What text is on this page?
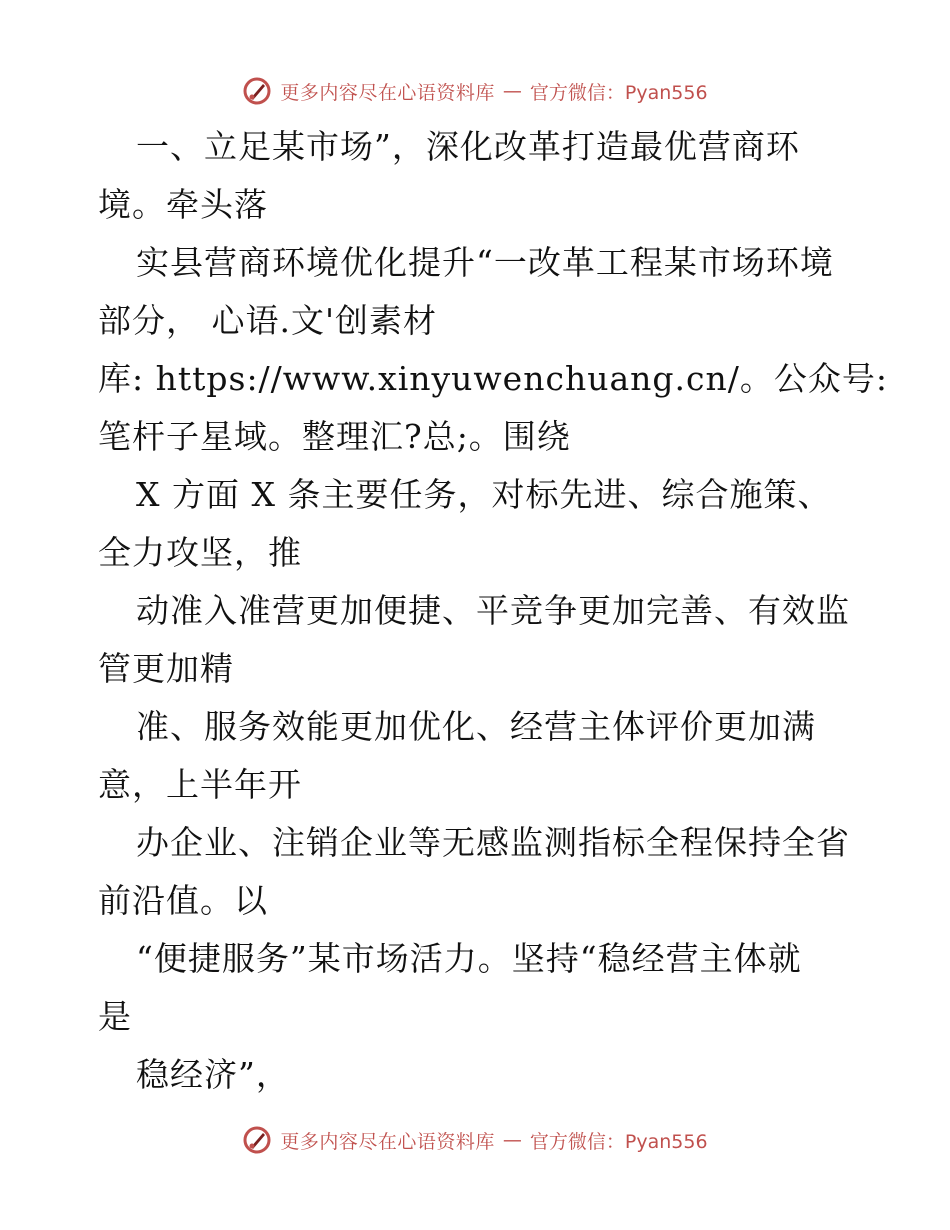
更多内容尽在心语资料库 — 官方微信：Pyan556
一、立足某市场”，深化改革打造最优营商环
境。牵头落
实县营商环境优化提升“一改革工程某市场环境
部分， 心语.文'创素材
库: https://www.xinyuwenchuang.cn/。公众号:
笔杆子星域。整理汇?总;。围绕
X 方面 X 条主要任务，对标先进、综合施策、
全力攻坚，推
动准入准营更加便捷、平竞争更加完善、有效监
管更加精
准、服务效能更加优化、经营主体评价更加满
意，上半年开
办企业、注销企业等无感监测指标全程保持全省
前沿值。以
“便捷服务”某市场活力。坚持“稳经营主体就
是
稳经济”，
更多内容尽在心语资料库 — 官方微信：Pyan556
